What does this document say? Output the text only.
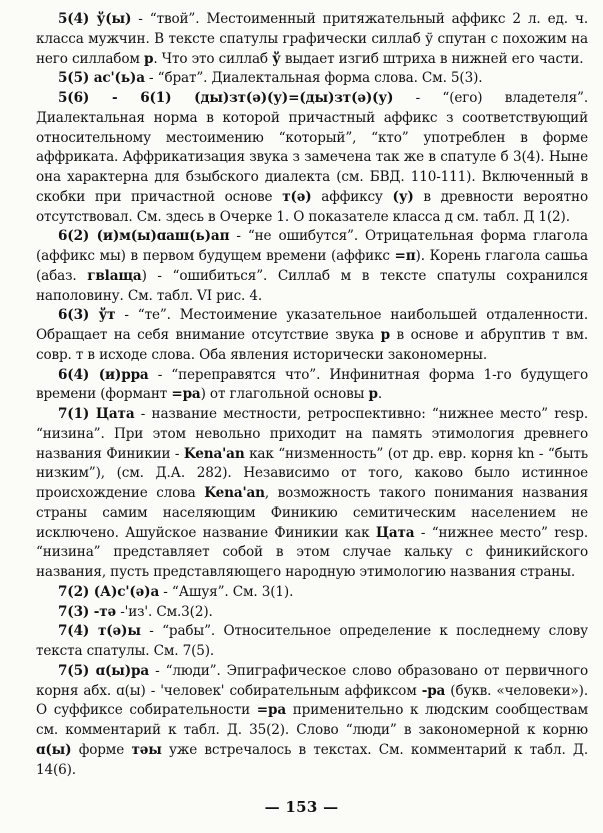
5(4) ў(ы) - “твой”. Местоименный притяжательный аффикс 2 л. ед. ч. класса мужчин. В тексте спатулы графически силлаб ў спутан с похожим на него силлабом р. Что это силлаб ў выдает изгиб штриха в нижней его части.

5(5) ас'(ь)а - “брат”. Диалектальная форма слова. См. 5(3).

5(6) - 6(1) (ды)зт(ə)(у)=(ды)зт(ə)(у) - “(его) владетеля”. Диалектальная норма в которой причастный аффикс з соответствующий относительному местоимению “который”, “кто” употреблен в форме аффриката. Аффрикатизация звука з замечена так же в спатуле б 3(4). Ныне она характерна для бзыбского диалекта (см. БВД. 110-111). Включенный в скобки при причастной основе т(ə) аффиксу (у) в древности вероятно отсутствовал. См. здесь в Очерке 1. О показателе класса д см. табл. Д 1(2).

6(2) (и)м(ы)ɑaш(ь)ап - “не ошибутся”. Отрицательная форма глагола (аффикс мы) в первом будущем времени (аффикс =п). Корень глагола сашьа (абаз. гвlаща) - “ошибиться”. Силлаб м в тексте спатулы сохранился наполовину. См. табл. VI рис. 4.

6(3) ўт - “те”. Местоимение указательное наибольшей отдаленности. Обращает на себя внимание отсутствие звука р в основе и абруптив т вм. совр. т в исходе слова. Оба явления исторически закономерны.

6(4) (и)рра - “переправятся что”. Инфинитная форма 1-го будущего времени (формант =ра) от глагольной основы р.

7(1) Цата - название местности, ретроспективно: “нижнее место” resp. “низина”. При этом невольно приходит на память этимология древнего названия Финикии - Kena'an как “низменность” (от др. евр. корня kn - “быть низким”), (см. Д.А. 282). Независимо от того, каково было истинное происхождение слова Kena'an, возможность такого понимания названия страны самим населяющим Финикию семитическим населением не исключено. Ашуйское название Финикии как Цата - “нижнее место” resp. “низина” представляет собой в этом случае кальку с финикийского названия, пусть представляющего народную этимологию названия страны.

7(2) (А)с'(ə)а - “Ашуя”. См. 3(1).

7(3) -тə -'из'. См.3(2).

7(4) т(ə)ы - “рабы”. Относительное определение к последнему слову текста спатулы. См. 7(5).

7(5) ɑ(ы)ра - “люди”. Эпиграфическое слово образовано от первичного корня абх. ɑ(ы) - 'человек' собирательным аффиксом -ра (букв. «человеки»). О суффиксе собирательности =ра применительно к людским сообществам см. комментарий к табл. Д. 35(2). Слово “люди” в закономерной к корню ɑ(ы) форме тəы уже встречалось в текстах. См. комментарий к табл. Д. 14(6).

— 153 —
